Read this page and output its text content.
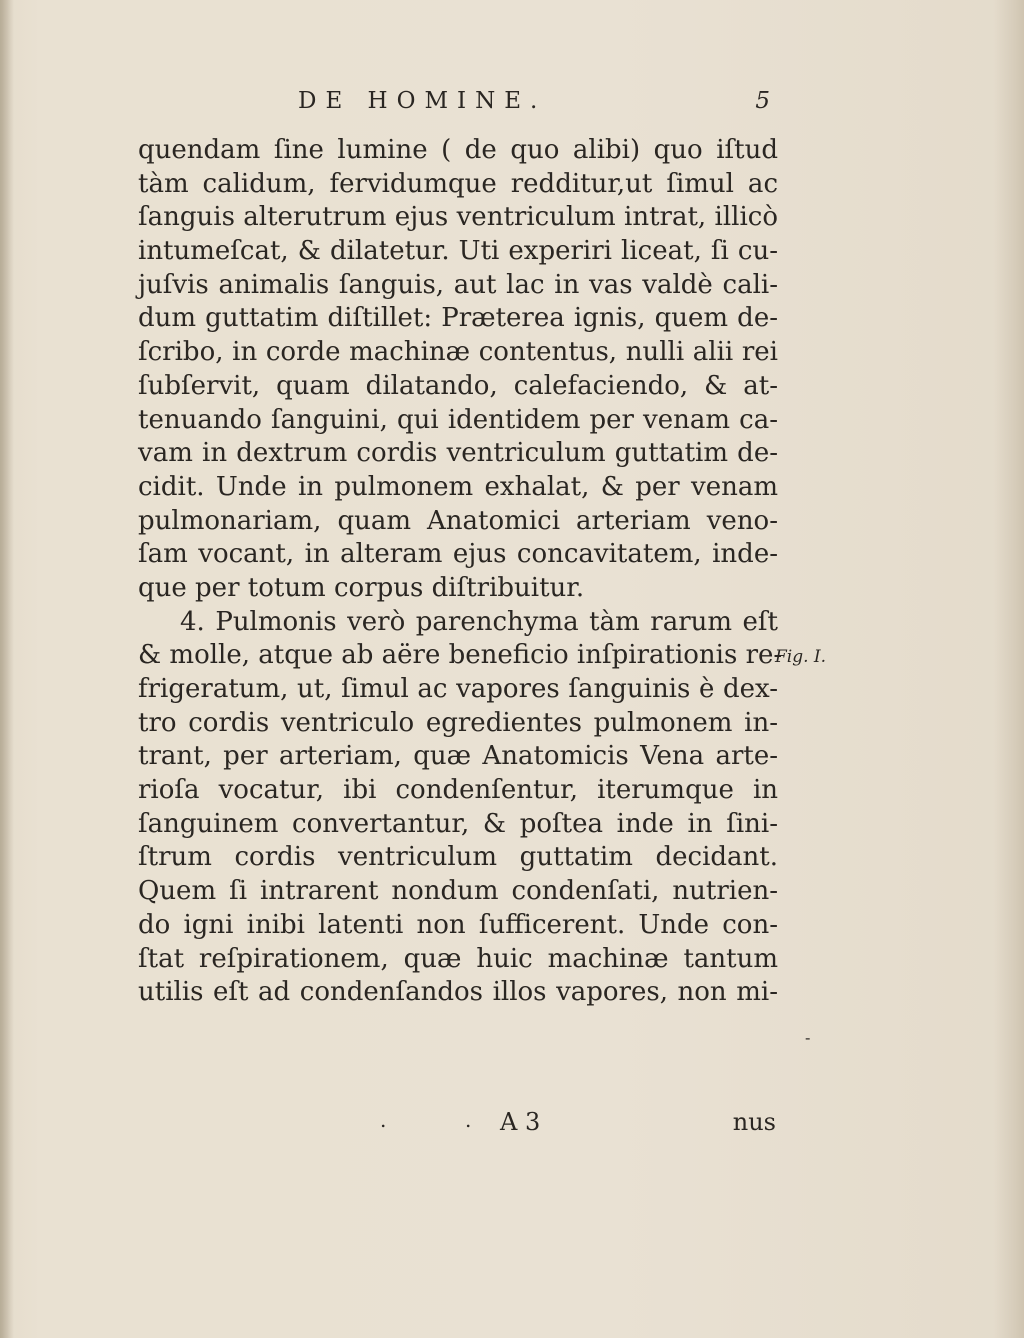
DE HOMINE.	5
quendam ſine lumine ( de quo alibi) quo iſtud
tàm calidum, fervidumque redditur,ut ſimul ac
ſanguis alterutrum ejus ventriculum intrat, illicò
intumeſcat, & dilatetur. Uti experiri liceat, ſi cu-
juſvis animalis ſanguis, aut lac in vas valdè cali-
dum guttatim diſtillet: Præterea ignis, quem de-
ſcribo, in corde machinæ contentus, nulli alii rei
ſubſervit, quam dilatando, calefaciendo, & at-
tenuando ſanguini, qui identidem per venam ca-
vam in dextrum cordis ventriculum guttatim de-
cidit. Unde in pulmonem exhalat, & per venam
pulmonariam, quam Anatomici arteriam veno-
ſam vocant, in alteram ejus concavitatem, inde-
que per totum corpus diſtribuitur.
4. Pulmonis verò parenchyma tàm rarum eſt
& molle, atque ab aëre beneficio inſpirationis re-
frigeratum, ut, ſimul ac vapores ſanguinis è dex-
tro cordis ventriculo egredientes pulmonem in-
trant, per arteriam, quæ Anatomicis Vena arte-
rioſa vocatur, ibi condenſentur, iterumque in
ſanguinem convertantur, & poſtea inde in ſini-
ſtrum cordis ventriculum guttatim decidant.
Quem ſi intrarent nondum condenſati, nutrien-
do igni inibi latenti non ſufficerent. Unde con-
ſtat reſpirationem, quæ huic machinæ tantum
utilis eſt ad condenſandos illos vapores, non mi-
Fig. I.
-
.	. A 3	nus
